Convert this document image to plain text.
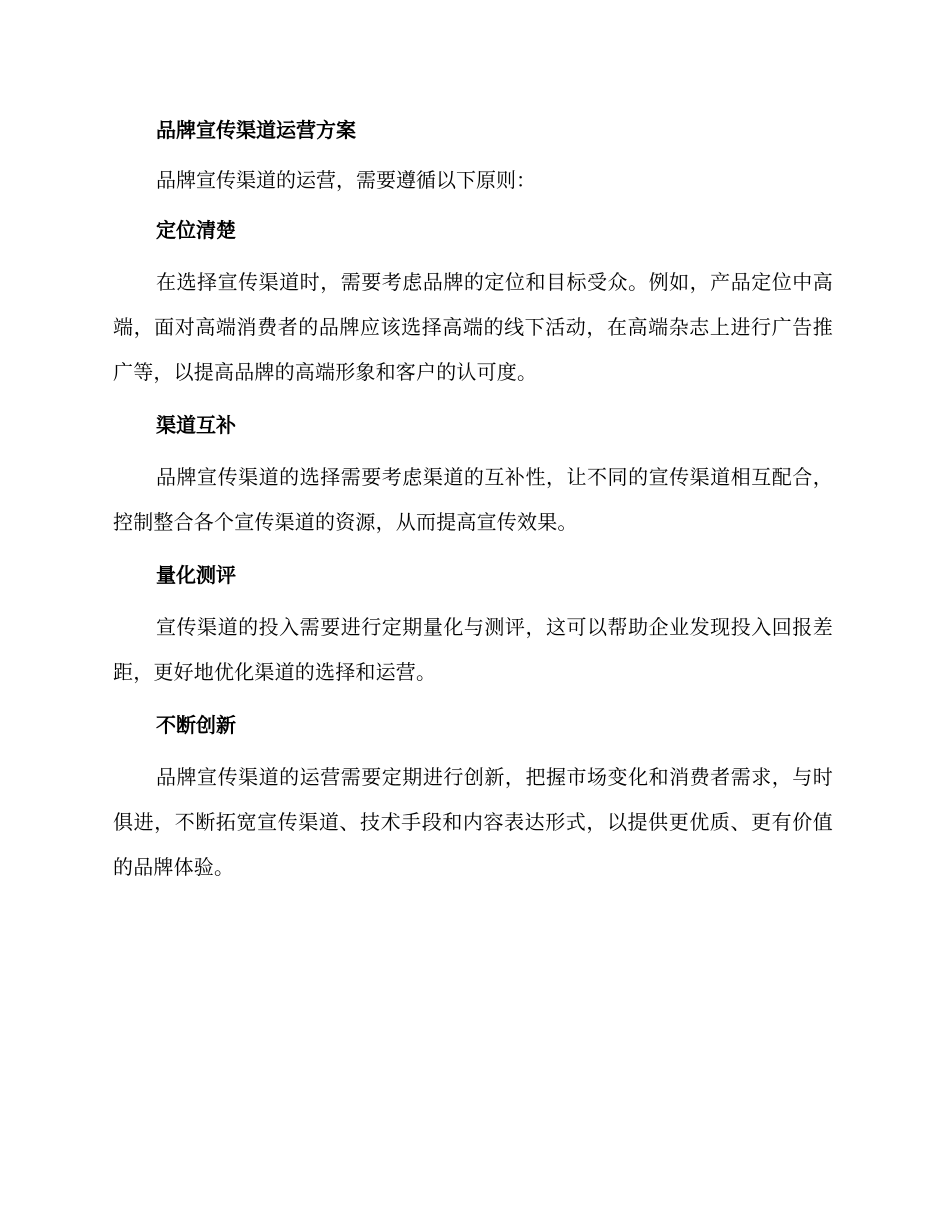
品牌宣传渠道运营方案
品牌宣传渠道的运营，需要遵循以下原则：
定位清楚
在选择宣传渠道时，需要考虑品牌的定位和目标受众。例如，产品定位中高端，面对高端消费者的品牌应该选择高端的线下活动，在高端杂志上进行广告推广等，以提高品牌的高端形象和客户的认可度。
渠道互补
品牌宣传渠道的选择需要考虑渠道的互补性，让不同的宣传渠道相互配合，控制整合各个宣传渠道的资源，从而提高宣传效果。
量化测评
宣传渠道的投入需要进行定期量化与测评，这可以帮助企业发现投入回报差距，更好地优化渠道的选择和运营。
不断创新
品牌宣传渠道的运营需要定期进行创新，把握市场变化和消费者需求，与时俱进，不断拓宽宣传渠道、技术手段和内容表达形式，以提供更优质、更有价值的品牌体验。
